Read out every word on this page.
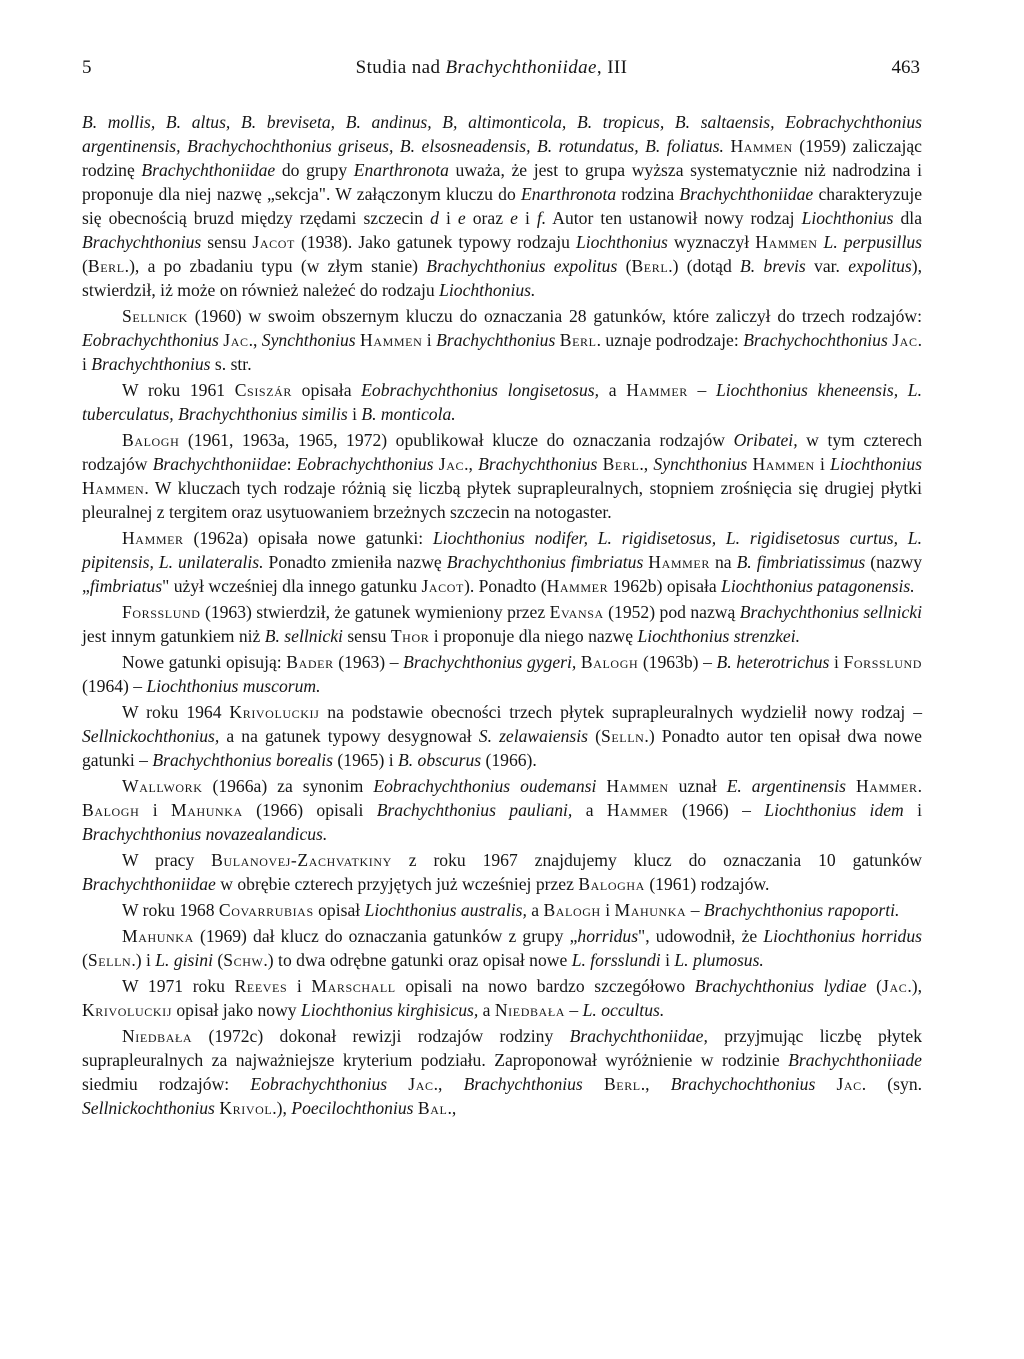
5	Studia nad Brachychthoniidae, III	463

B. mollis, B. altus, B. breviseta, B. andinus, B, altimonticola, B. tropicus, B. saltaensis, Eobrachychthonius argentinensis, Brachychochthonius griseus, B. elsosneadensis, B. rotundatus, B. foliatus. Hammen (1959) zaliczając rodzinę Brachychthoniidae do grupy Enarthronota uważa, że jest to grupa wyższa systematycznie niż nadrodzina i proponuje dla niej nazwę „sekcja". W załączonym kluczu do Enarthronota rodzina Brachychthoniidae charakteryzuje się obecnością bruzd między rzędami szczecin d i e oraz e i f. Autor ten ustanowił nowy rodzaj Liochthonius dla Brachychthonius sensu Jacot (1938). Jako gatunek typowy rodzaju Liochthonius wyznaczył Hammen L. perpusillus (Berl.), a po zbadaniu typu (w złym stanie) Brachychthonius expolitus (Berl.) (dotąd B. brevis var. expolitus), stwierdził, iż może on również należeć do rodzaju Liochthonius.

Sellnick (1960) w swoim obszernym kluczu do oznaczania 28 gatunków, które zaliczył do trzech rodzajów: Eobrachychthonius Jac., Synchthonius Hammen i Brachychthonius Berl. uznaje podrodzaje: Brachychochthonius Jac. i Brachychthonius s. str.

W roku 1961 Csiszár opisała Eobrachychthonius longisetosus, a Hammer – Liochthonius kheneensis, L. tuberculatus, Brachychthonius similis i B. monticola.

Balogh (1961, 1963a, 1965, 1972) opublikował klucze do oznaczania rodzajów Oribatei, w tym czterech rodzajów Brachychthoniidae: Eobrachychthonius Jac., Brachychthonius Berl., Synchthonius Hammen i Liochthonius Hammen. W kluczach tych rodzaje różnią się liczbą płytek suprapleuralnych, stopniem zrośnięcia się drugiej płytki pleuralnej z tergitem oraz usytuowaniem brzeżnych szczecin na notogaster.

Hammer (1962a) opisała nowe gatunki: Liochthonius nodifer, L. rigidisetosus, L. rigidisetosus curtus, L. pipitensis, L. unilateralis. Ponadto zmieniła nazwę Brachychthonius fimbriatus Hammer na B. fimbriatissimus (nazwy „fimbriatus" użył wcześniej dla innego gatunku Jacot). Ponadto (Hammer 1962b) opisała Liochthonius patagonensis.

Forsslund (1963) stwierdził, że gatunek wymieniony przez Evansa (1952) pod nazwą Brachychthonius sellnicki jest innym gatunkiem niż B. sellnicki sensu Thor i proponuje dla niego nazwę Liochthonius strenzkei.

Nowe gatunki opisują: Bader (1963) – Brachychthonius gygeri, Balogh (1963b) – B. heterotrichus i Forsslund (1964) – Liochthonius muscorum.

W roku 1964 Krivoluckij na podstawie obecności trzech płytek suprapleuralnych wydzielił nowy rodzaj – Sellnickochthonius, a na gatunek typowy desygnował S. zelawaiensis (Selln.) Ponadto autor ten opisał dwa nowe gatunki – Brachychthonius borealis (1965) i B. obscurus (1966).

Wallwork (1966a) za synonim Eobrachychthonius oudemansi Hammen uznał E. argentinensis Hammer. Balogh i Mahunka (1966) opisali Brachychthonius pauliani, a Hammer (1966) – Liochthonius idem i Brachychthonius novazealandicus.

W pracy Bulanovej-Zachvatkiny z roku 1967 znajdujemy klucz do oznaczania 10 gatunków Brachychthoniidae w obrębie czterech przyjętych już wcześniej przez Balogha (1961) rodzajów.

W roku 1968 Covarrubias opisał Liochthonius australis, a Balogh i Mahunka – Brachychthonius rapoporti.

Mahunka (1969) dał klucz do oznaczania gatunków z grupy „horridus", udowodnił, że Liochthonius horridus (Selln.) i L. gisini (Schw.) to dwa odrębne gatunki oraz opisał nowe L. forsslundi i L. plumosus.

W 1971 roku Reeves i Marschall opisali na nowo bardzo szczegółowo Brachychthonius lydiae (Jac.), Krivoluckij opisał jako nowy Liochthonius kirghisicus, a Niedbała – L. occultus.

Niedbała (1972c) dokonał rewizji rodzajów rodziny Brachychthoniidae, przyjmując liczbę płytek suprapleuralnych za najważniejsze kryterium podziału. Zaproponował wyróżnienie w rodzinie Brachychthoniiade siedmiu rodzajów: Eobrachychthonius Jac., Brachychthonius Berl., Brachychochthonius Jac. (syn. Sellnickochthonius Krivol.), Poecilochthonius Bal.,
